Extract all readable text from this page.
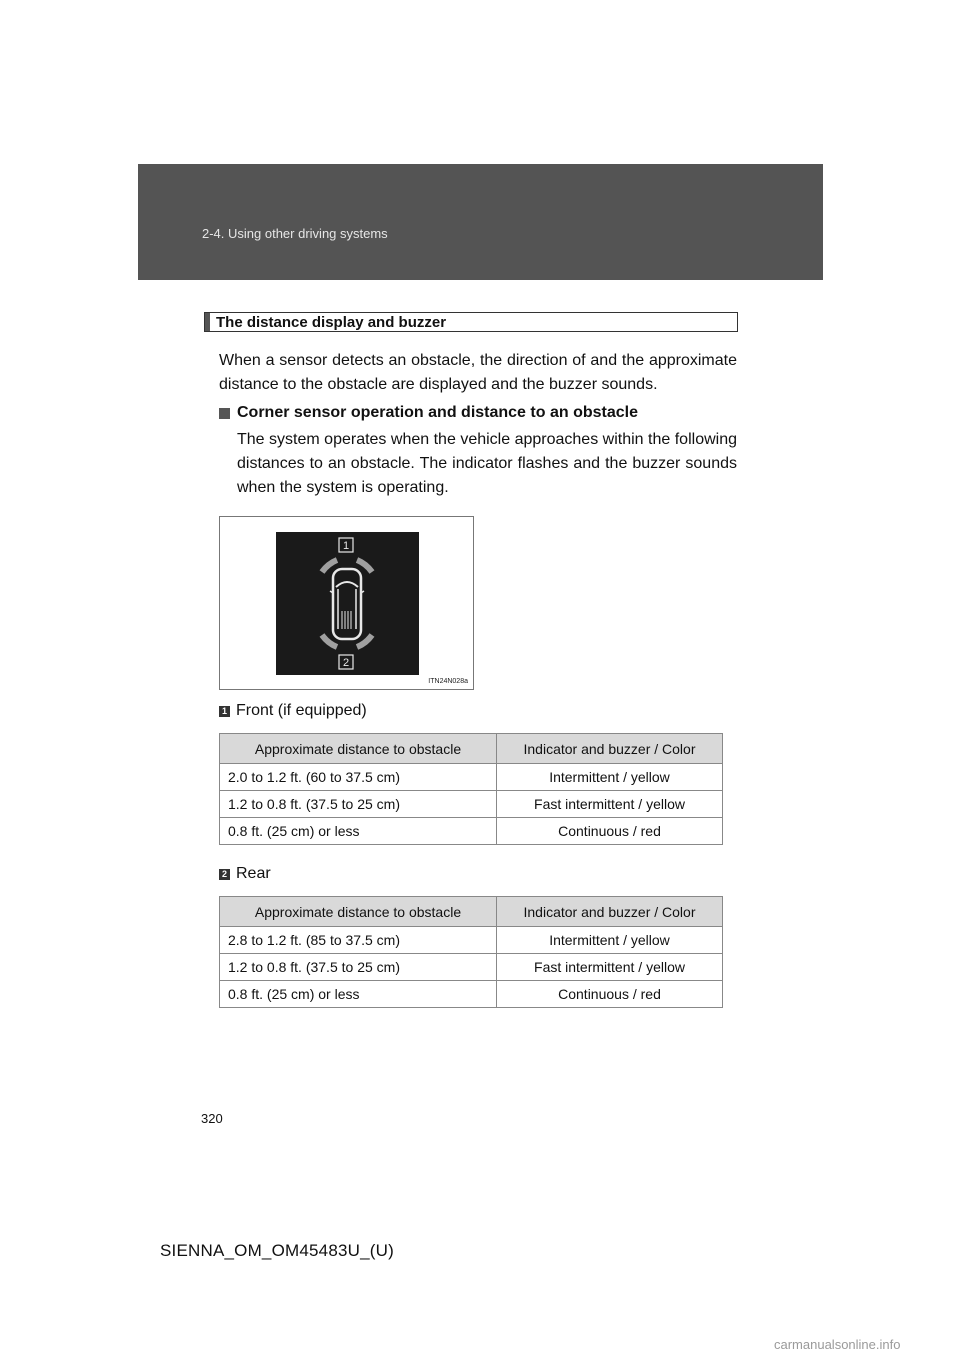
2-4. Using other driving systems
The distance display and buzzer

When a sensor detects an obstacle, the direction of and the approximate distance to the obstacle are displayed and the buzzer sounds.

Corner sensor operation and distance to an obstacle

The system operates when the vehicle approaches within the following distances to an obstacle. The indicator flashes and the buzzer sounds when the system is operating.

1
2
ITN24N028a
1 Front (if equipped)
Approximate distance to obstacle	Indicator and buzzer / Color
2.0 to 1.2 ft. (60 to 37.5 cm)	Intermittent / yellow
1.2 to 0.8 ft. (37.5 to 25 cm)	Fast intermittent / yellow
0.8 ft. (25 cm) or less	Continuous / red
2 Rear
Approximate distance to obstacle	Indicator and buzzer / Color
2.8 to 1.2 ft. (85 to 37.5 cm)	Intermittent / yellow
1.2 to 0.8 ft. (37.5 to 25 cm)	Fast intermittent / yellow
0.8 ft. (25 cm) or less	Continuous / red
320
SIENNA_OM_OM45483U_(U)
carmanualsonline.info
